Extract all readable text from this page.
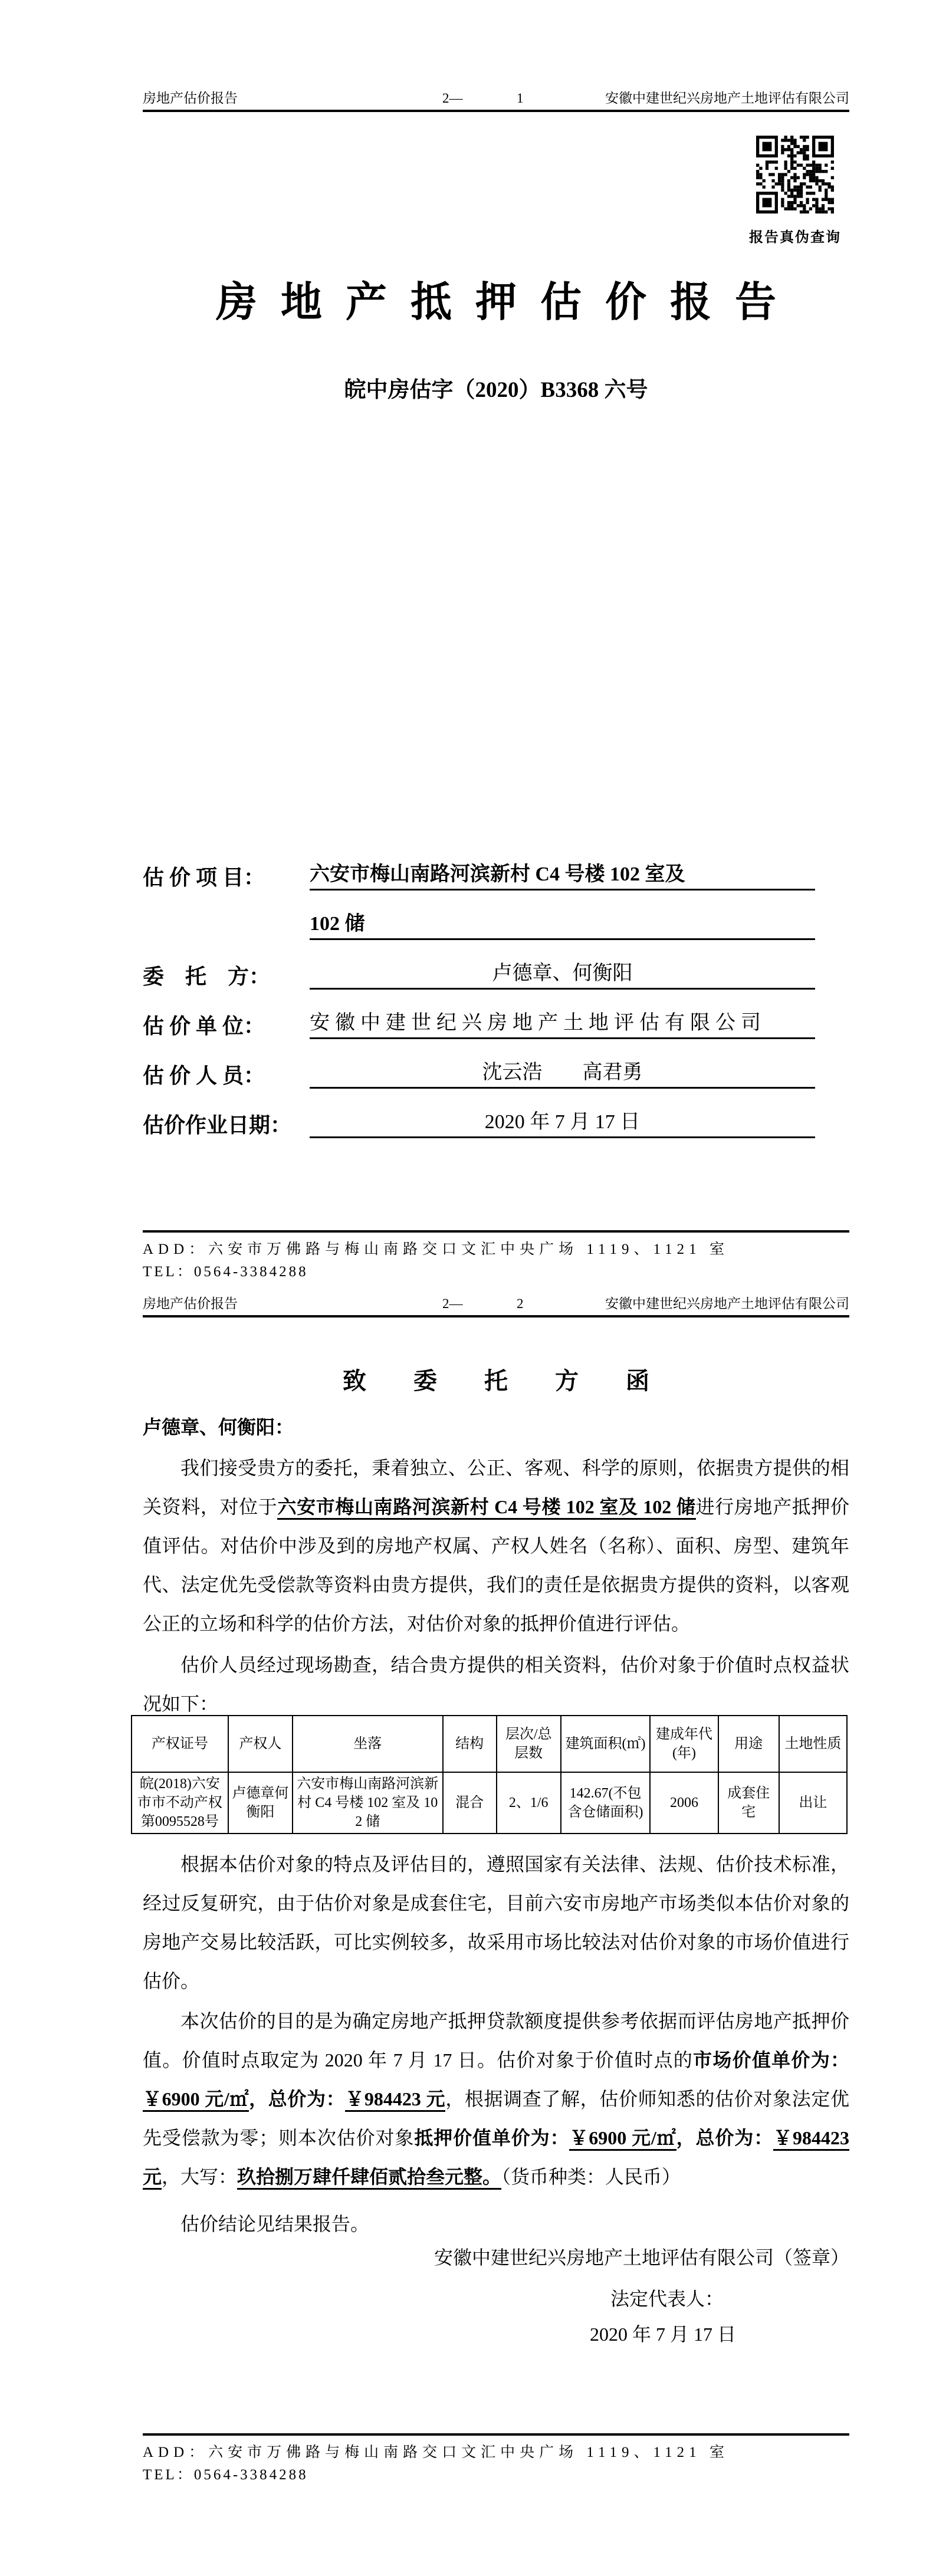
房地产估价报告	2—	1	安徽中建世纪兴房地产土地评估有限公司
报告真伪查询
房地产抵押估价报告
皖中房估字（2020）B3368 六号
估 价 项 目：	六安市梅山南路河滨新村 C4 号楼 102 室及
102 储
委　托　方：	卢德章、何衡阳
估 价 单 位：	安徽中建世纪兴房地产土地评估有限公司
估 价 人 员：	沈云浩　　高君勇
估价作业日期：	2020 年 7 月 17 日
ADD：六安市万佛路与梅山南路交口文汇中央广场 1119、1121 室
TEL：0564-3384288
房地产估价报告	2—	2	安徽中建世纪兴房地产土地评估有限公司
致委托方函
卢德章、何衡阳：
我们接受贵方的委托，秉着独立、公正、客观、科学的原则，依据贵方提供的相关资料，对位于六安市梅山南路河滨新村 C4 号楼 102 室及 102 储进行房地产抵押价值评估。对估价中涉及到的房地产权属、产权人姓名（名称）、面积、房型、建筑年代、法定优先受偿款等资料由贵方提供，我们的责任是依据贵方提供的资料，以客观公正的立场和科学的估价方法，对估价对象的抵押价值进行评估。
估价人员经过现场勘查，结合贵方提供的相关资料，估价对象于价值时点权益状况如下：
产权证号	产权人	坐落	结构	层次/总层数	建筑面积(㎡)	建成年代(年)	用途	土地性质
皖(2018)六安市市不动产权第0095528号	卢德章何衡阳	六安市梅山南路河滨新村 C4 号楼 102 室及 102 储	混合	2、1/6	142.67(不包含仓储面积)	2006	成套住宅	出让
根据本估价对象的特点及评估目的，遵照国家有关法律、法规、估价技术标准，经过反复研究，由于估价对象是成套住宅，目前六安市房地产市场类似本估价对象的房地产交易比较活跃，可比实例较多，故采用市场比较法对估价对象的市场价值进行估价。
本次估价的目的是为确定房地产抵押贷款额度提供参考依据而评估房地产抵押价值。价值时点取定为 2020 年 7 月 17 日。估价对象于价值时点的市场价值单价为：￥6900 元/㎡，总价为：￥984423 元，根据调查了解，估价师知悉的估价对象法定优先受偿款为零；则本次估价对象抵押价值单价为：￥6900 元/㎡，总价为：￥984423 元，大写：玖拾捌万肆仟肆佰贰拾叁元整。（货币种类：人民币）
估价结论见结果报告。
安徽中建世纪兴房地产土地评估有限公司（签章）
法定代表人：
2020 年 7 月 17 日
ADD：六安市万佛路与梅山南路交口文汇中央广场 1119、1121 室
TEL：0564-3384288
